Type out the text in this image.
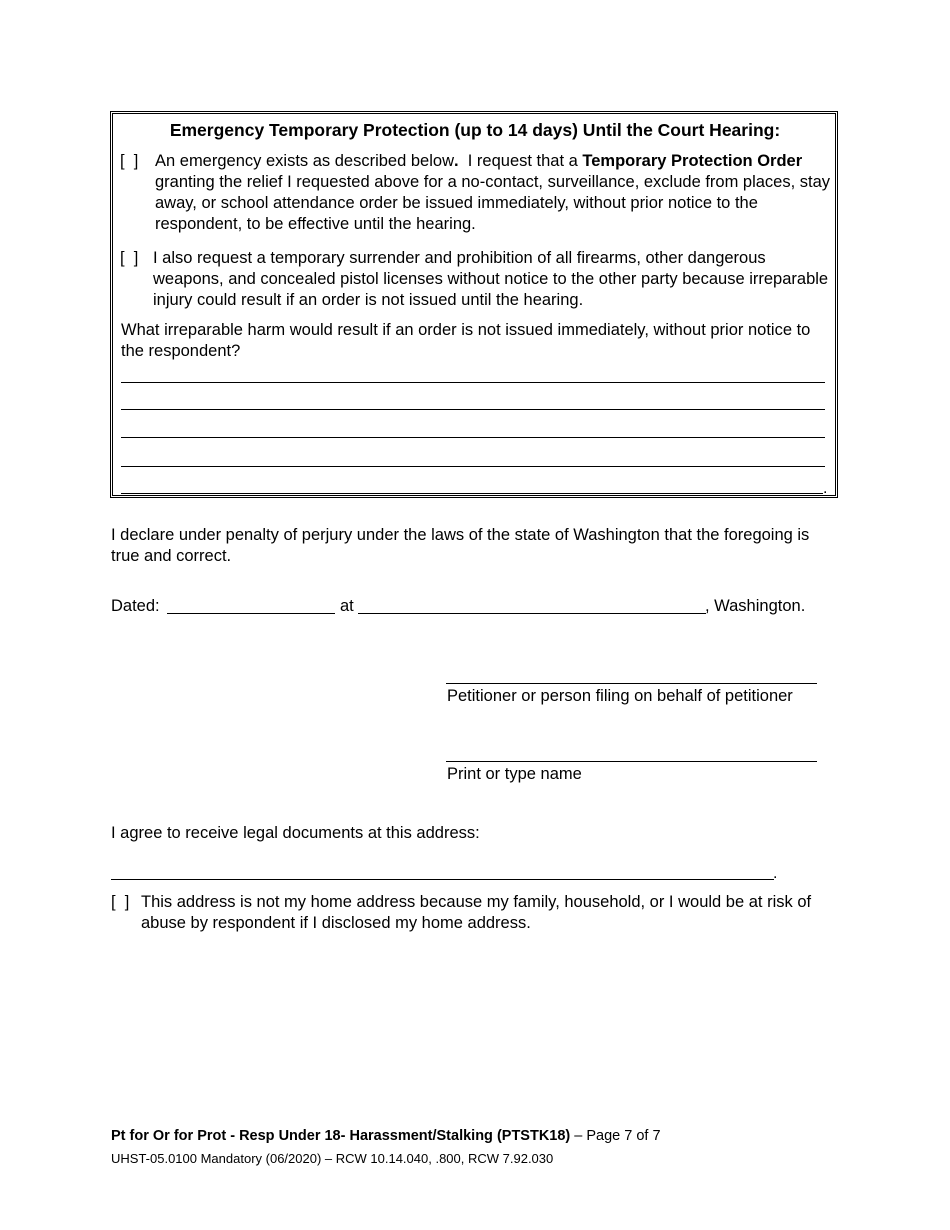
Emergency Temporary Protection (up to 14 days) Until the Court Hearing:
[  ]	An emergency exists as described below.  I request that a Temporary Protection Order granting the relief I requested above for a no-contact, surveillance, exclude from places, stay away, or school attendance order be issued immediately, without prior notice to the respondent, to be effective until the hearing.
[  ] I also request a temporary surrender and prohibition of all firearms, other dangerous weapons, and concealed pistol licenses without notice to the other party because irreparable injury could result if an order is not issued until the hearing.
What irreparable harm would result if an order is not issued immediately, without prior notice to the respondent?
.
I declare under penalty of perjury under the laws of the state of Washington that the foregoing is true and correct.
Dated:	at	, Washington.
Petitioner or person filing on behalf of petitioner
Print or type name
I agree to receive legal documents at this address:
.
[  ] This address is not my home address because my family, household, or I would be at risk of abuse by respondent if I disclosed my home address.
Pt for Or for Prot - Resp Under 18- Harassment/Stalking (PTSTK18) – Page 7 of 7
UHST-05.0100 Mandatory (06/2020) – RCW 10.14.040, .800, RCW 7.92.030
